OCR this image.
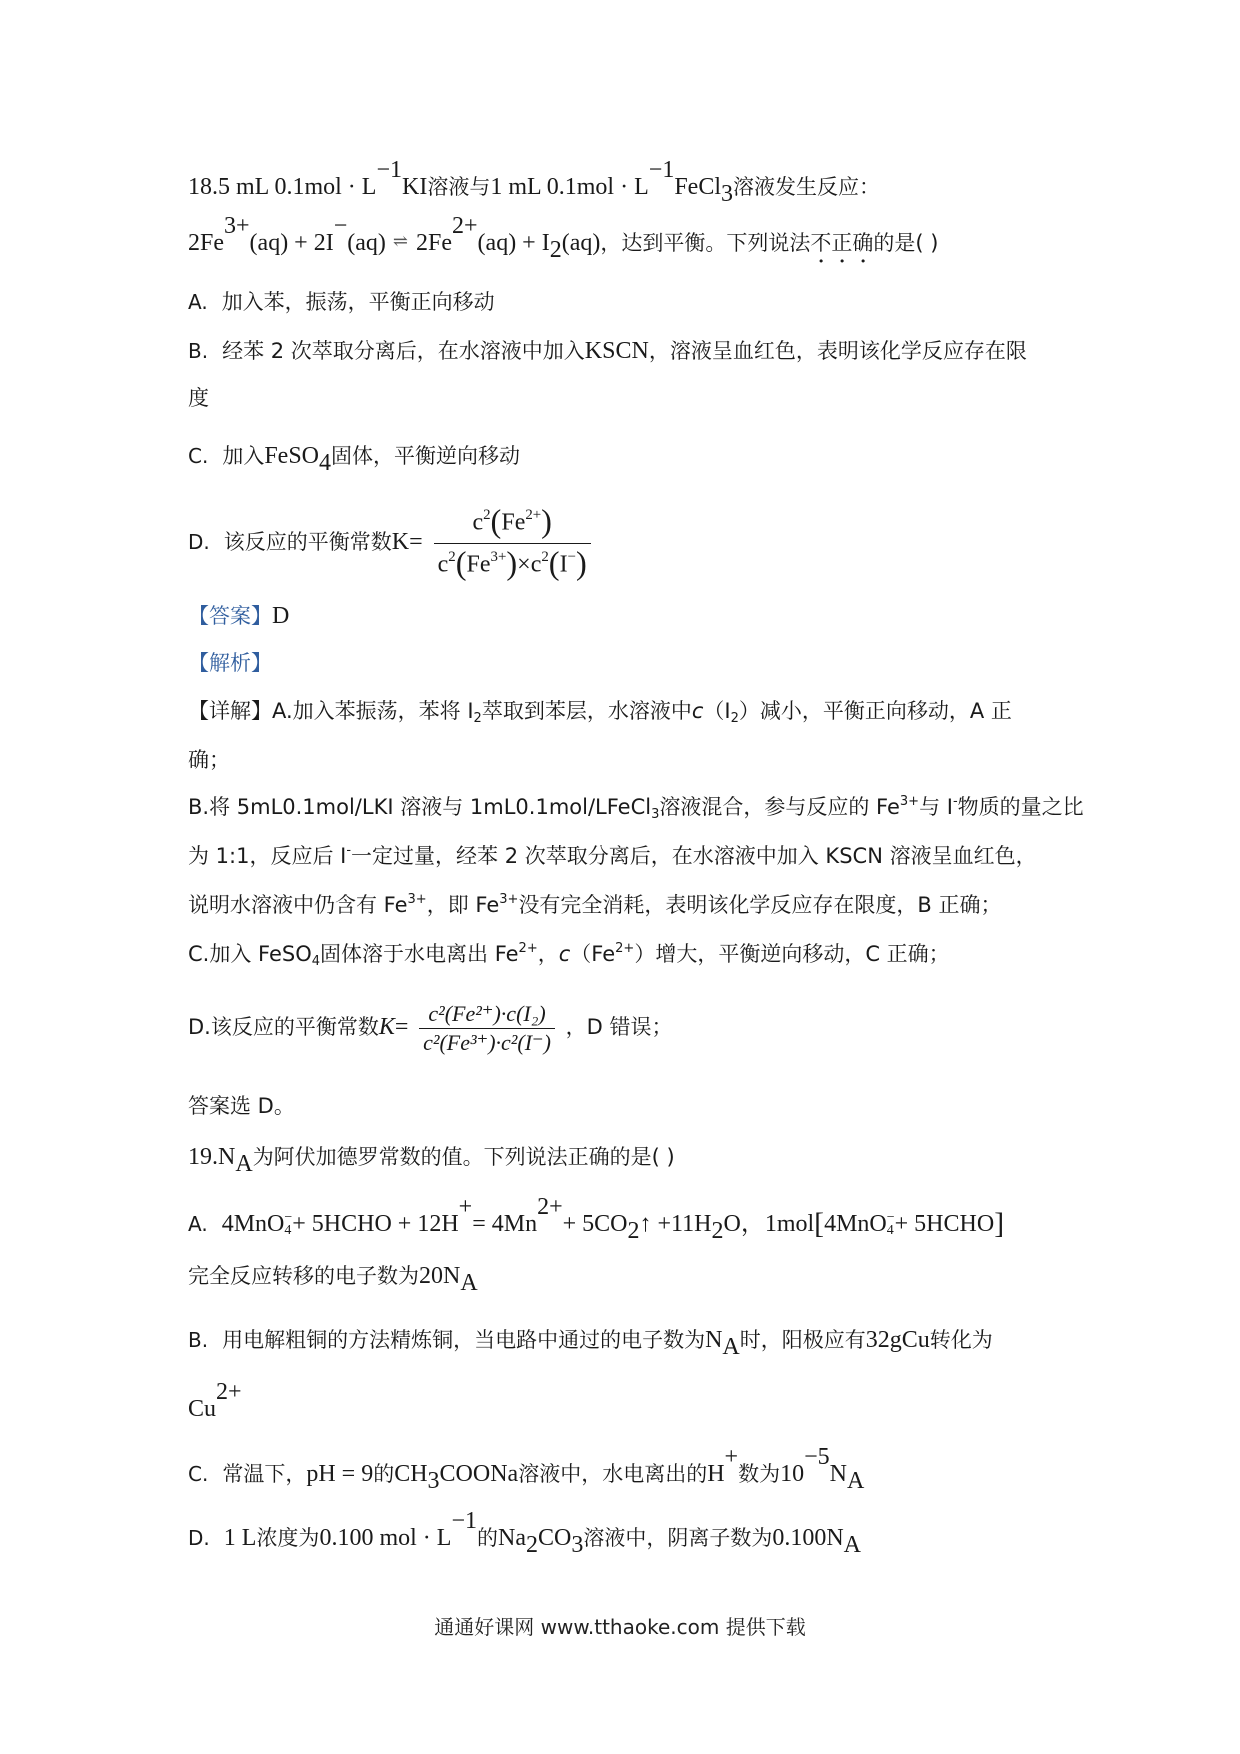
18.5 mL $0.1mol \cdot L^{-1}KI$溶液与1 mL $0.1mol \cdot L^{-1}FeCl_3$溶液发生反应：
$2Fe^{3+}(aq) + 2I^-(aq)$ ⇌ $2Fe^{2+}(aq) + I_2(aq)$，达到平衡。下列说法不正确的是( )
A. 加入苯，振荡，平衡正向移动
B. 经苯 2 次萃取分离后，在水溶液中加入KSCN，溶液呈血红色，表明该化学反应存在限
度
C. 加入FeSO$_4$固体，平衡逆向移动
D. 该反应的平衡常数$K= \frac{c^2(Fe^{2+})}{c^2(Fe^{3+})\times c^2(I^-)}$
【答案】D
【解析】
【详解】A.加入苯振荡，苯将 $I_2$萃取到苯层，水溶液中$c(I_2)$减小，平衡正向移动，A 正
确；
B.将 5mL0.1mol/LKI 溶液与 1mL0.1mol/LFeCl$_3$溶液混合，参与反应的 $Fe^{3+}$与 I-物质的量之比
为 1:1，反应后 I-一定过量，经苯 2 次萃取分离后，在水溶液中加入 KSCN 溶液呈血红色，
说明水溶液中仍含有 $Fe^{3+}$，即 $Fe^{3+}$没有完全消耗，表明该化学反应存在限度，B 正确；
C.加入 FeSO$_4$固体溶于水电离出 $Fe^{2+}$，$c(Fe^{2+})$增大，平衡逆向移动，C 正确；
D.该反应的平衡常数$K= \frac{\text{c²(Fe²⁺)·c(I₂)}}{\text{c²(Fe³⁺)·c²(I⁻)}}$ ，D 错误；
答案选 D。
$19.N_A$为阿伏加德罗常数的值。下列说法正确的是( )
A. 4MnO −
4 + 5HCHO + $12H^+= 4Mn^{2+}+$ $5CO_2↑ +11H_2O$，1mol[4MnO −
4 + 5HCHO]
完全反应转移的电子数为$20N_A$
B. 用电解粗铜的方法精炼铜，当电路中通过的电子数为$N_A$时，阳极应有32gCu转化为
$Cu^{2+}$
C. 常温下，pH = 9的$CH_3COONa$溶液中，水电离出的H+数为$10^{-5}N_A$
D. 1 L浓度为0.100 mol · $L^{-1}$的$Na_2CO_3$溶液中，阴离子数为$0.100N_A$
通通好课网 www.tthaoke.com 提供下载
